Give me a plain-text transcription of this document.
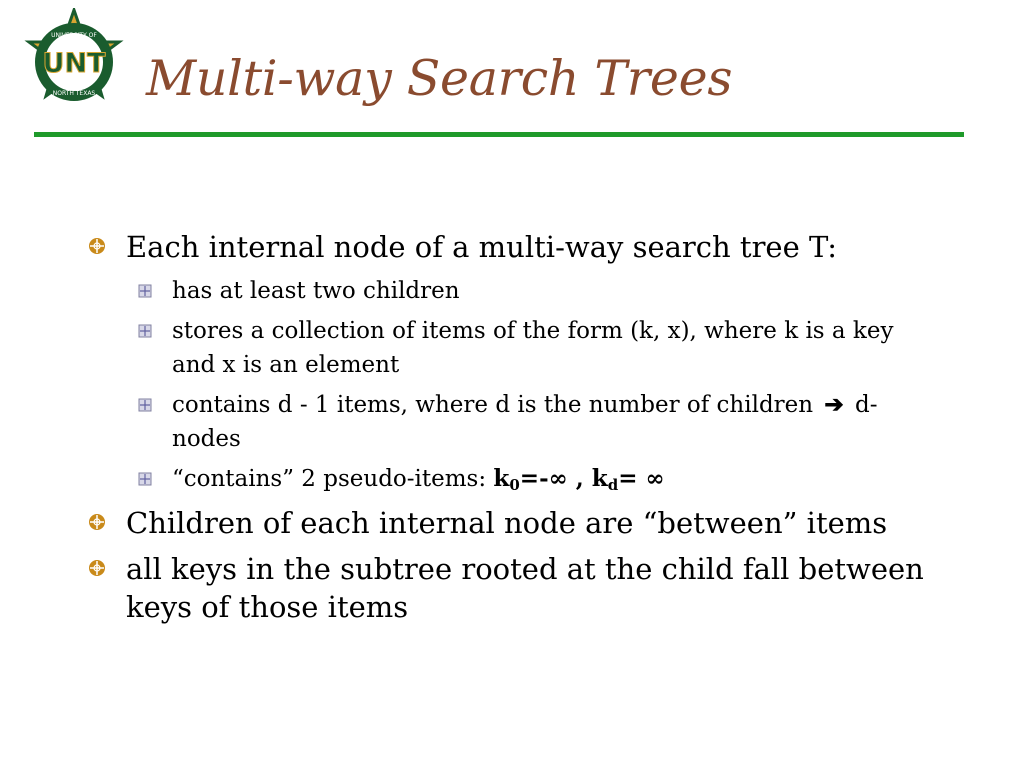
UNT
UNIVERSITY OF
NORTH TEXAS Multi-way Search Trees
Each internal node of a multi-way search tree T:
has at least two children
stores a collection of items of the form (k, x), where k is a key and x is an element
contains d - 1 items, where d is the number of children ➔ d-nodes
“contains” 2 pseudo-items: $k_0=-\infty$ , $k_d=$ ∞
Children of each internal node are “between” items
all keys in the subtree rooted at the child fall between keys of those items
